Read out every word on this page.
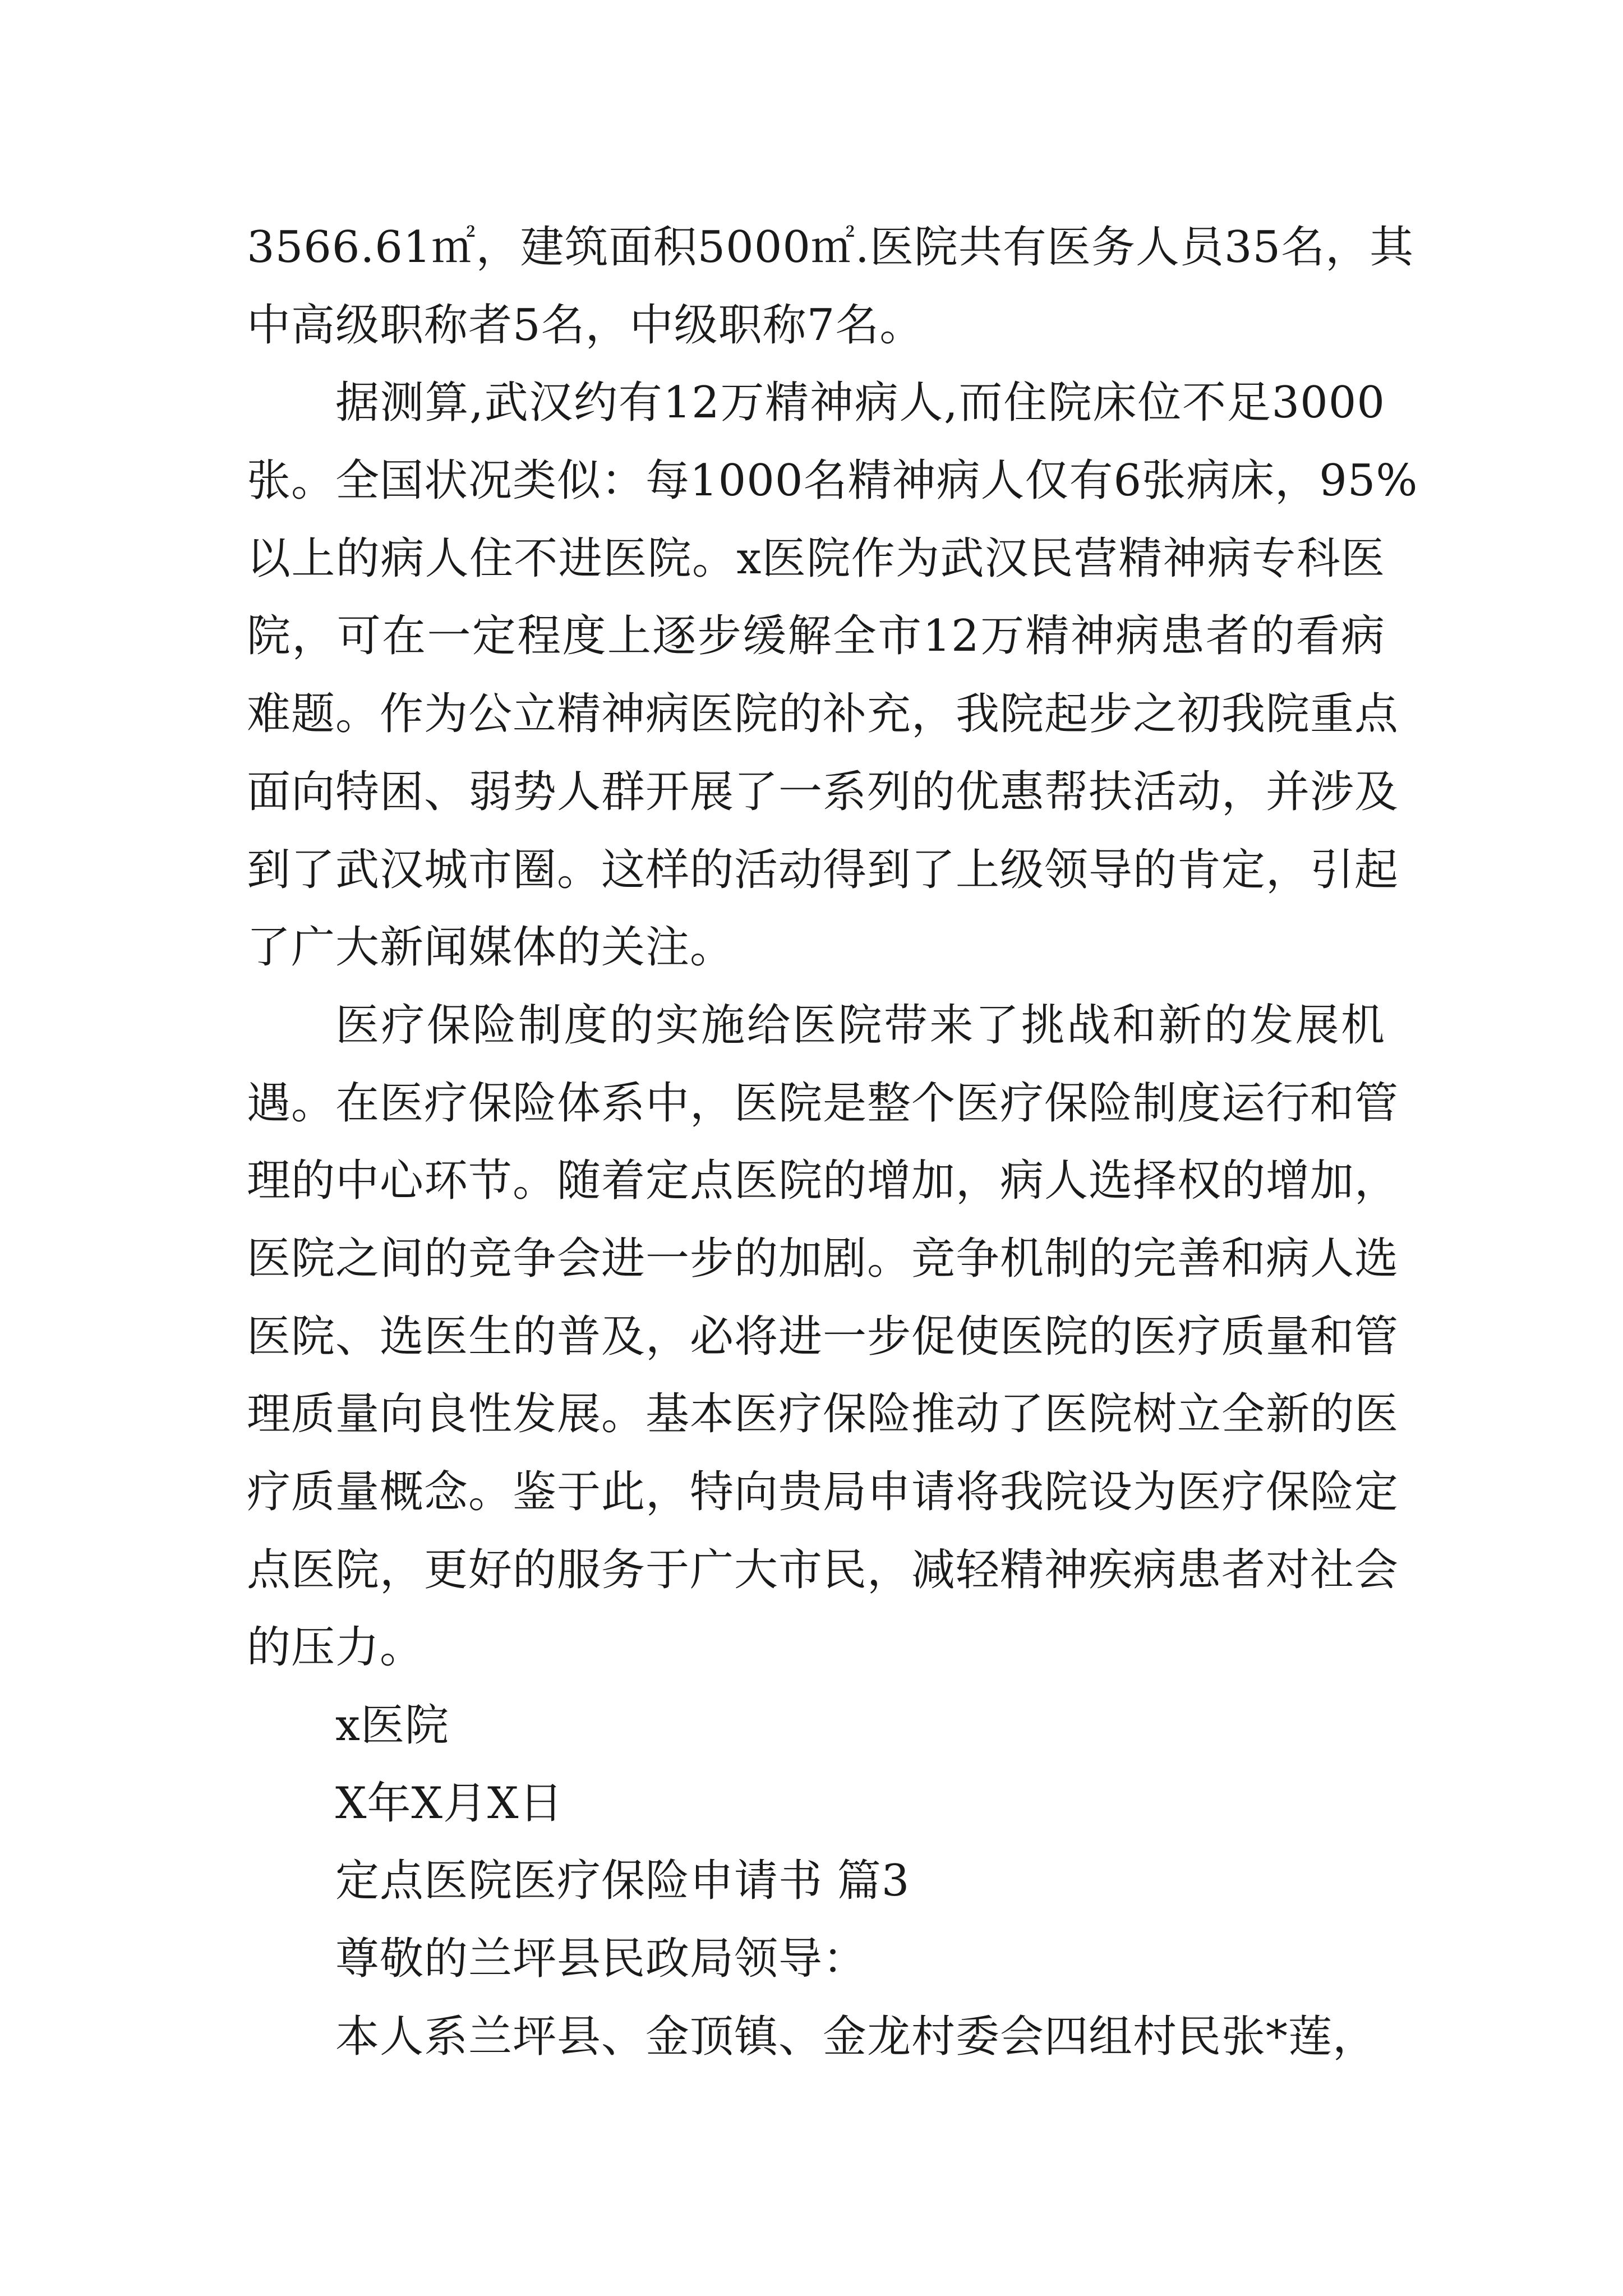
3566.61㎡，建筑面积5000㎡.医院共有医务人员35名，其
中高级职称者5名，中级职称7名。
据测算,武汉约有12万精神病人,而住院床位不足3000
张。全国状况类似：每1000名精神病人仅有6张病床，95%
以上的病人住不进医院。x医院作为武汉民营精神病专科医
院，可在一定程度上逐步缓解全市12万精神病患者的看病
难题。作为公立精神病医院的补充，我院起步之初我院重点
面向特困、弱势人群开展了一系列的优惠帮扶活动，并涉及
到了武汉城市圈。这样的活动得到了上级领导的肯定，引起
了广大新闻媒体的关注。
医疗保险制度的实施给医院带来了挑战和新的发展机
遇。在医疗保险体系中，医院是整个医疗保险制度运行和管
理的中心环节。随着定点医院的增加，病人选择权的增加，
医院之间的竞争会进一步的加剧。竞争机制的完善和病人选
医院、选医生的普及，必将进一步促使医院的医疗质量和管
理质量向良性发展。基本医疗保险推动了医院树立全新的医
疗质量概念。鉴于此，特向贵局申请将我院设为医疗保险定
点医院，更好的服务于广大市民，减轻精神疾病患者对社会
的压力。
x医院
X年X月X日
定点医院医疗保险申请书 篇3
尊敬的兰坪县民政局领导：
本人系兰坪县、金顶镇、金龙村委会四组村民张*莲，
